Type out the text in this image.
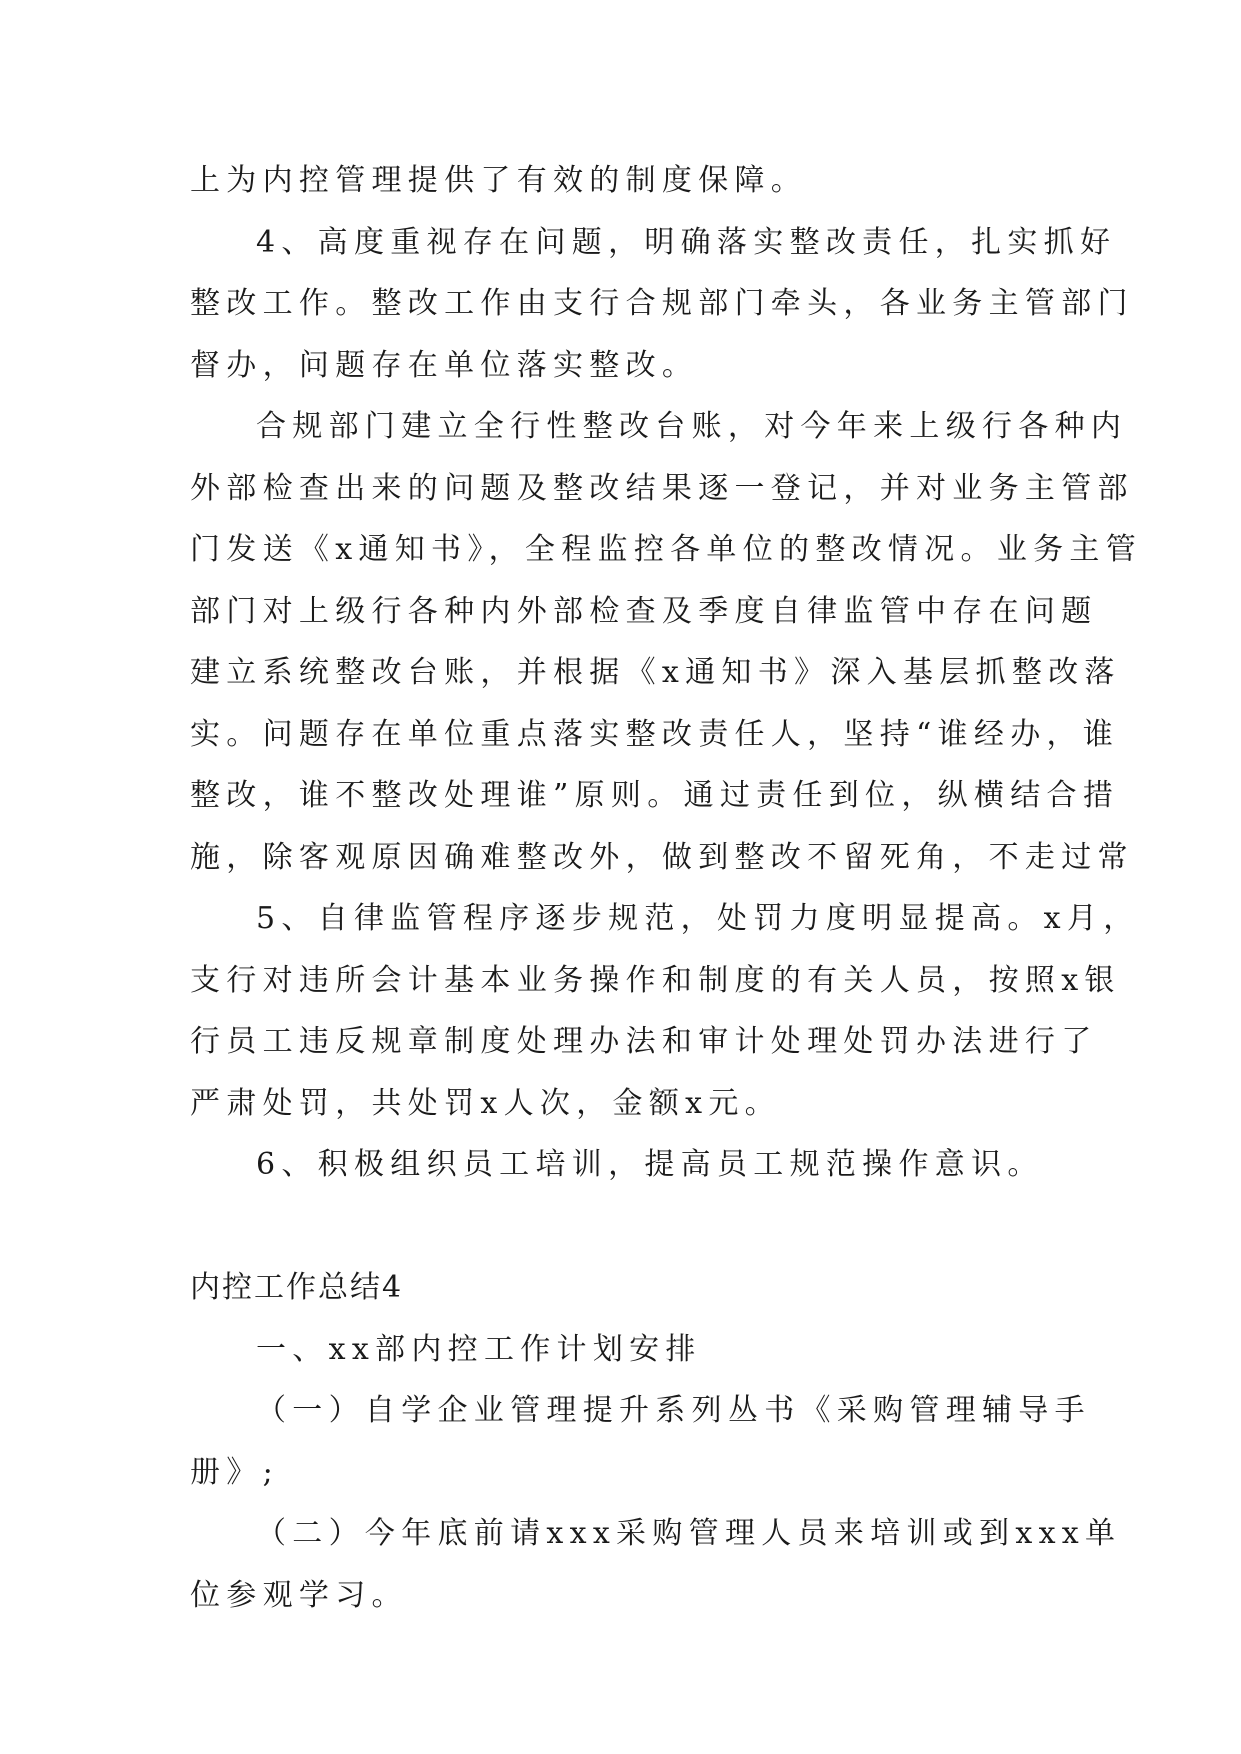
上为内控管理提供了有效的制度保障。
4、高度重视存在问题，明确落实整改责任，扎实抓好
整改工作。整改工作由支行合规部门牵头，各业务主管部门
督办，问题存在单位落实整改。
合规部门建立全行性整改台账，对今年来上级行各种内
外部检查出来的问题及整改结果逐一登记，并对业务主管部
门发送《x通知书》，全程监控各单位的整改情况。业务主管
部门对上级行各种内外部检查及季度自律监管中存在问题
建立系统整改台账，并根据《x通知书》深入基层抓整改落
实。问题存在单位重点落实整改责任人，坚持“谁经办，谁
整改，谁不整改处理谁”原则。通过责任到位，纵横结合措
施，除客观原因确难整改外，做到整改不留死角，不走过常
5、自律监管程序逐步规范，处罚力度明显提高。x月，
支行对违所会计基本业务操作和制度的有关人员，按照x银
行员工违反规章制度处理办法和审计处理处罚办法进行了
严肃处罚，共处罚x人次，金额x元。
6、积极组织员工培训，提高员工规范操作意识。
内控工作总结4
一、xx部内控工作计划安排
（一）自学企业管理提升系列丛书《采购管理辅导手
册》;
（二）今年底前请xxx采购管理人员来培训或到xxx单
位参观学习。
